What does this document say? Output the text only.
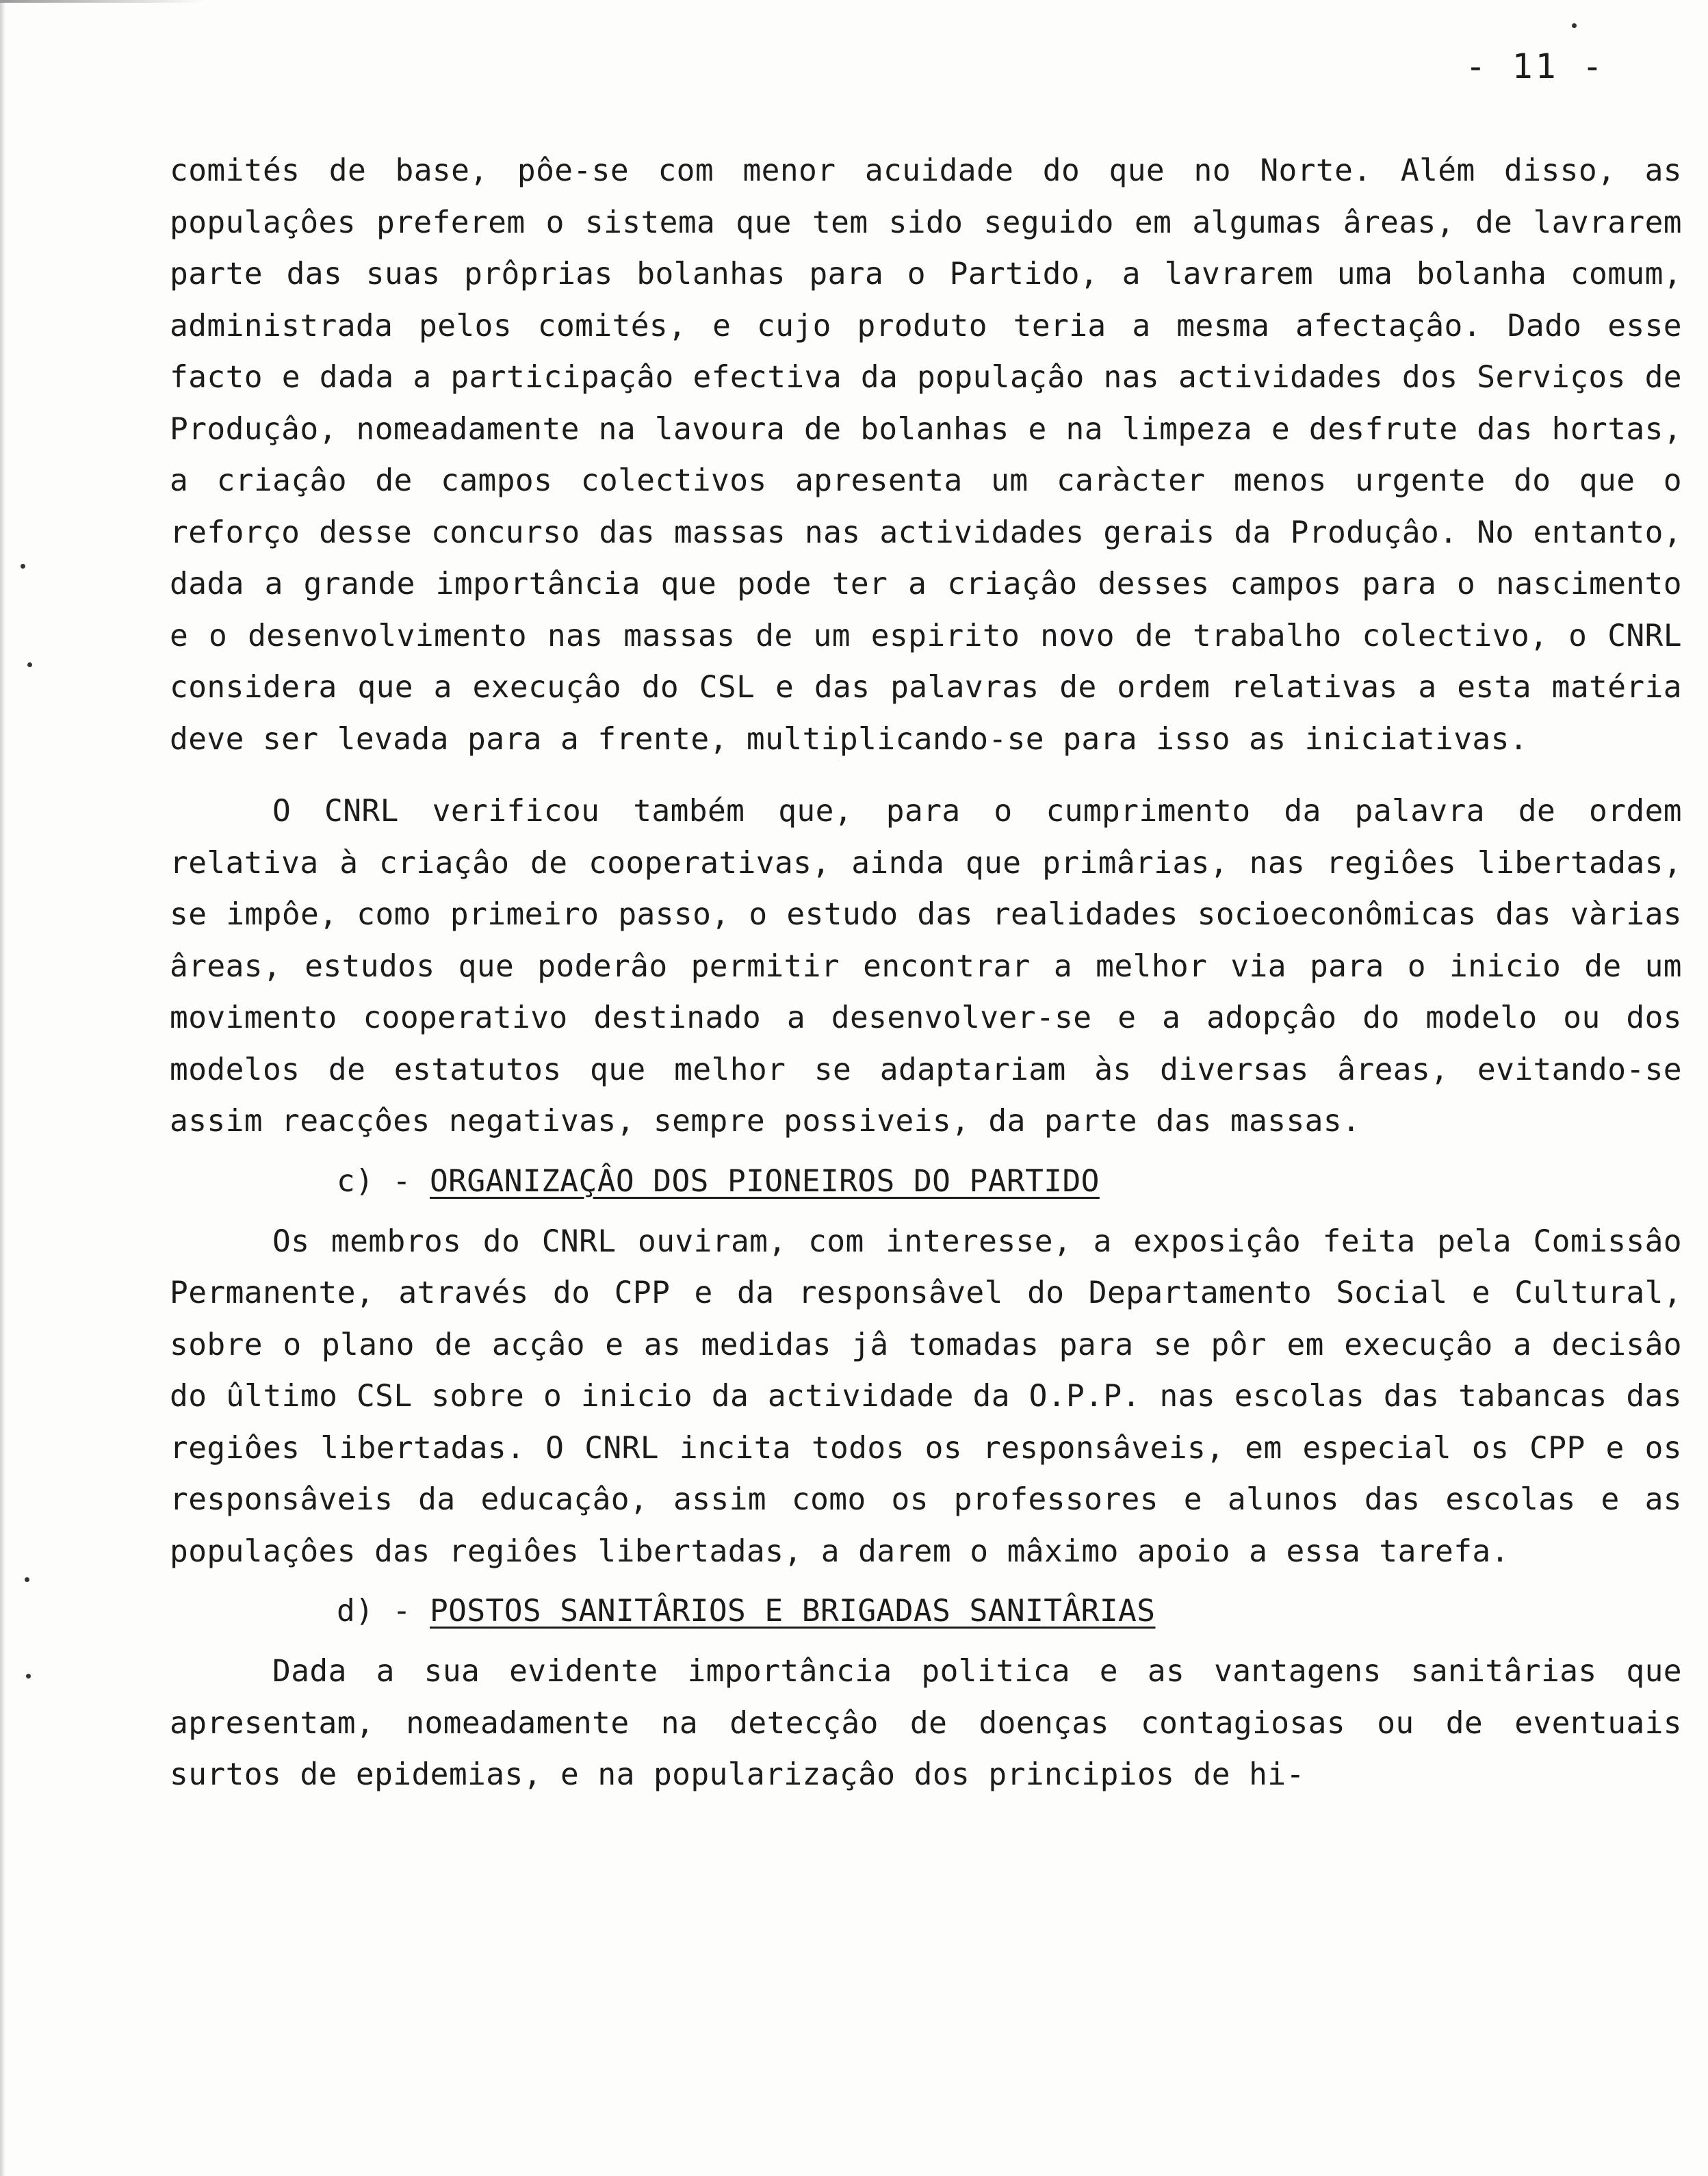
- 11 -

comités de base, pôe-se com menor acuidade do que no Norte. Além disso, as populaçôes preferem o sistema que tem sido seguido em algumas âreas, de lavrarem parte das suas prôprias bolanhas para o Partido, a lavrarem uma bolanha comum, administrada pelos comités, e cujo produto teria a mesma afectaçâo. Dado esse facto e dada a participaçâo efectiva da populaçâo nas actividades dos Serviços de Produçâo, nomeadamente na lavoura de bolanhas e na limpeza e desfrute das hortas, a criaçâo de campos colectivos apresenta um caràcter menos urgente do que o reforço desse concurso das massas nas actividades gerais da Produçâo. No entanto, dada a grande importância que pode ter a criaçâo desses campos para o nascimento e o desenvolvimento nas massas de um espirito novo de trabalho colectivo, o CNRL considera que a execuçâo do CSL e das palavras de ordem relativas a esta matéria deve ser levada para a frente, multiplicando-se para isso as iniciativas.

O CNRL verificou também que, para o cumprimento da palavra de ordem relativa à criaçâo de cooperativas, ainda que primârias, nas regiôes libertadas, se impôe, como primeiro passo, o estudo das realidades socioeconômicas das vàrias âreas, estudos que poderâo permitir encontrar a melhor via para o inicio de um movimento cooperativo destinado a desenvolver-se e a adopçâo do modelo ou dos modelos de estatutos que melhor se adaptariam às diversas âreas, evitando-se assim reacçôes negativas, sempre possiveis, da parte das massas.

c) - ORGANIZAÇÂO DOS PIONEIROS DO PARTIDO

Os membros do CNRL ouviram, com interesse, a exposiçâo feita pela Comissâo Permanente, através do CPP e da responsâvel do Departamento Social e Cultural, sobre o plano de acçâo e as medidas jâ tomadas para se pôr em execuçâo a decisâo do ûltimo CSL sobre o inicio da actividade da O.P.P. nas escolas das tabancas das regiôes libertadas. O CNRL incita todos os responsâveis, em especial os CPP e os responsâveis da educaçâo, assim como os professores e alunos das escolas e as populaçôes das regiôes libertadas, a darem o mâximo apoio a essa tarefa.

d) - POSTOS SANITÂRIOS E BRIGADAS SANITÂRIAS

Dada a sua evidente importância politica e as vantagens sanitârias que apresentam, nomeadamente na detecçâo de doenças contagiosas ou de eventuais surtos de epidemias, e na popularizaçâo dos principios de hi-
